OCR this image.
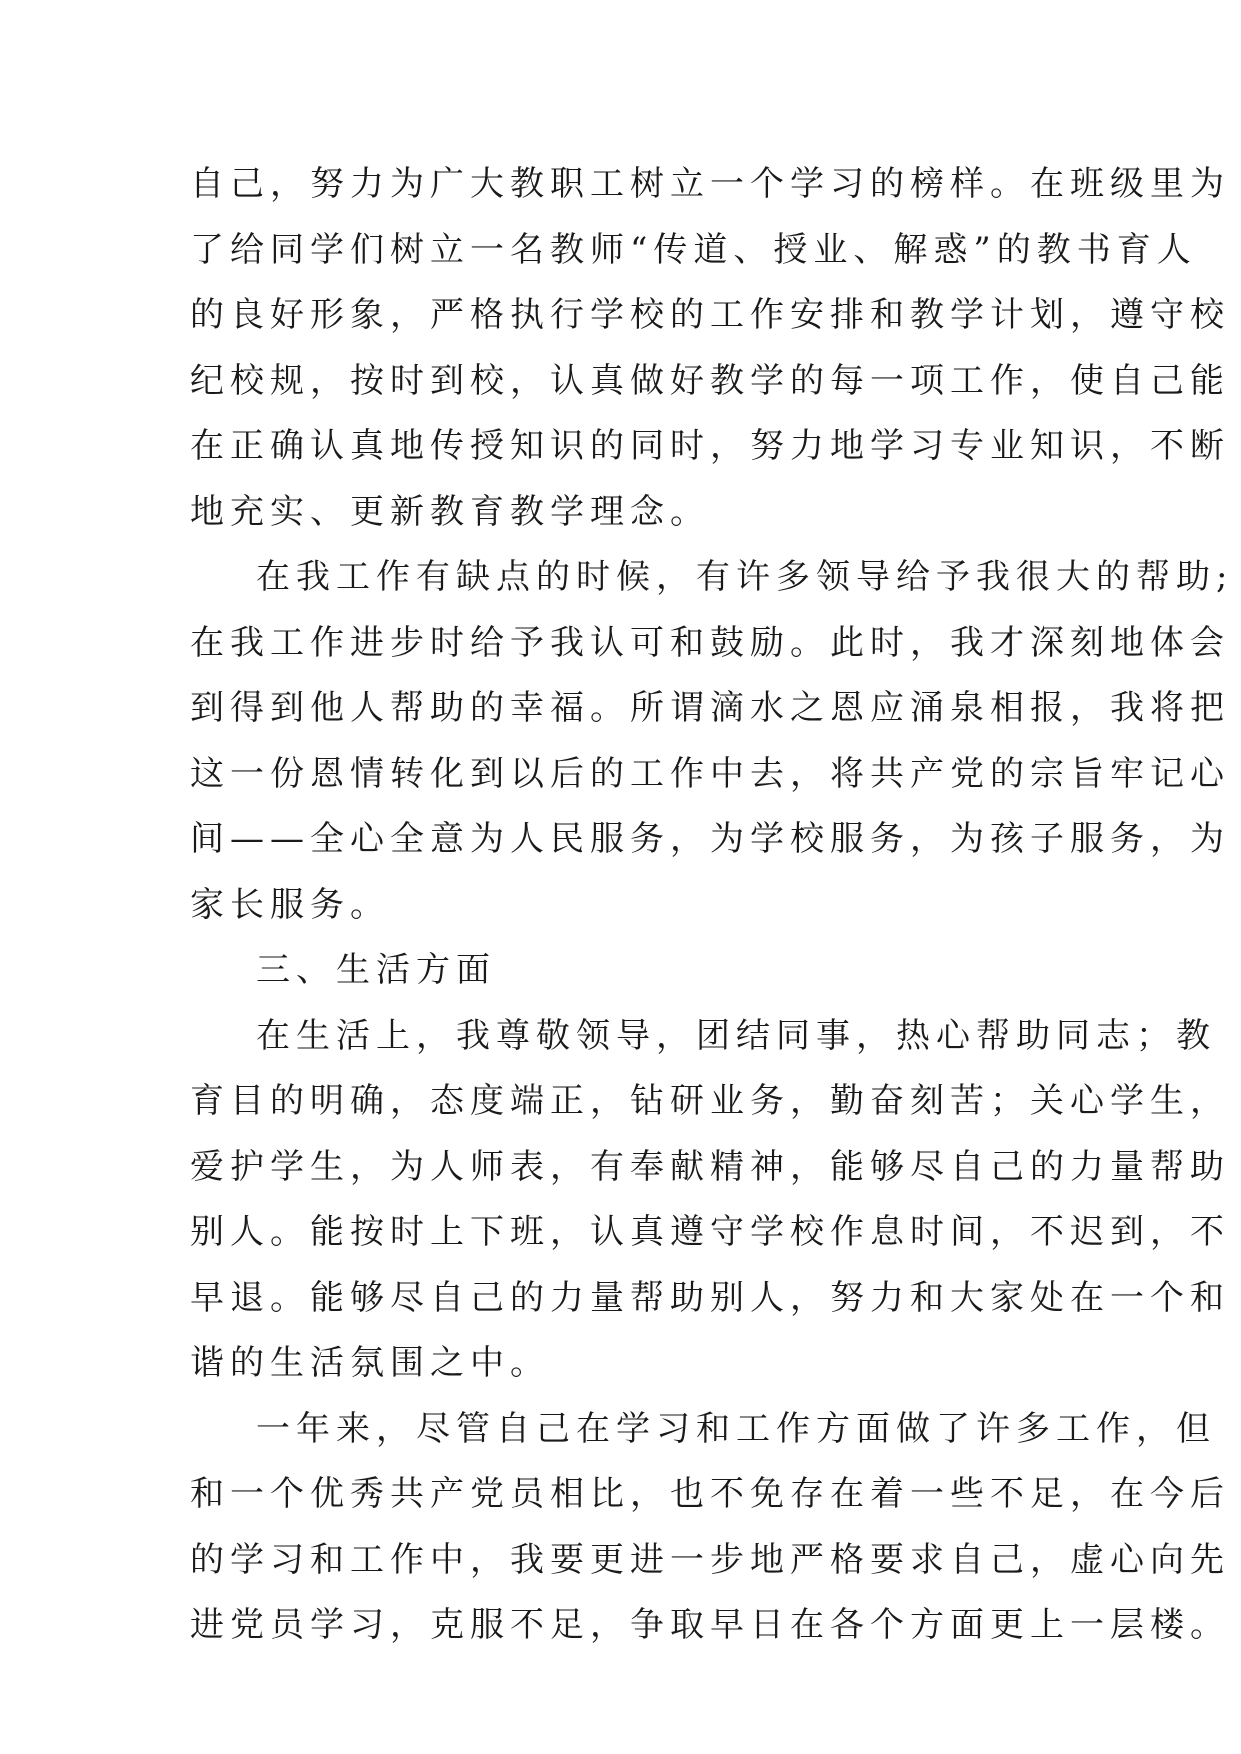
自己，努力为广大教职工树立一个学习的榜样。在班级里为
了给同学们树立一名教师“传道、授业、解惑”的教书育人
的良好形象，严格执行学校的工作安排和教学计划，遵守校
纪校规，按时到校，认真做好教学的每一项工作，使自己能
在正确认真地传授知识的同时，努力地学习专业知识，不断
地充实、更新教育教学理念。
在我工作有缺点的时候，有许多领导给予我很大的帮助;
在我工作进步时给予我认可和鼓励。此时，我才深刻地体会
到得到他人帮助的幸福。所谓滴水之恩应涌泉相报，我将把
这一份恩情转化到以后的工作中去，将共产党的宗旨牢记心
间——全心全意为人民服务，为学校服务，为孩子服务，为
家长服务。
三、生活方面
在生活上，我尊敬领导，团结同事，热心帮助同志；教
育目的明确，态度端正，钻研业务，勤奋刻苦；关心学生，
爱护学生，为人师表，有奉献精神，能够尽自己的力量帮助
别人。能按时上下班，认真遵守学校作息时间，不迟到，不
早退。能够尽自己的力量帮助别人，努力和大家处在一个和
谐的生活氛围之中。
一年来，尽管自己在学习和工作方面做了许多工作，但
和一个优秀共产党员相比，也不免存在着一些不足，在今后
的学习和工作中，我要更进一步地严格要求自己，虚心向先
进党员学习，克服不足，争取早日在各个方面更上一层楼。
